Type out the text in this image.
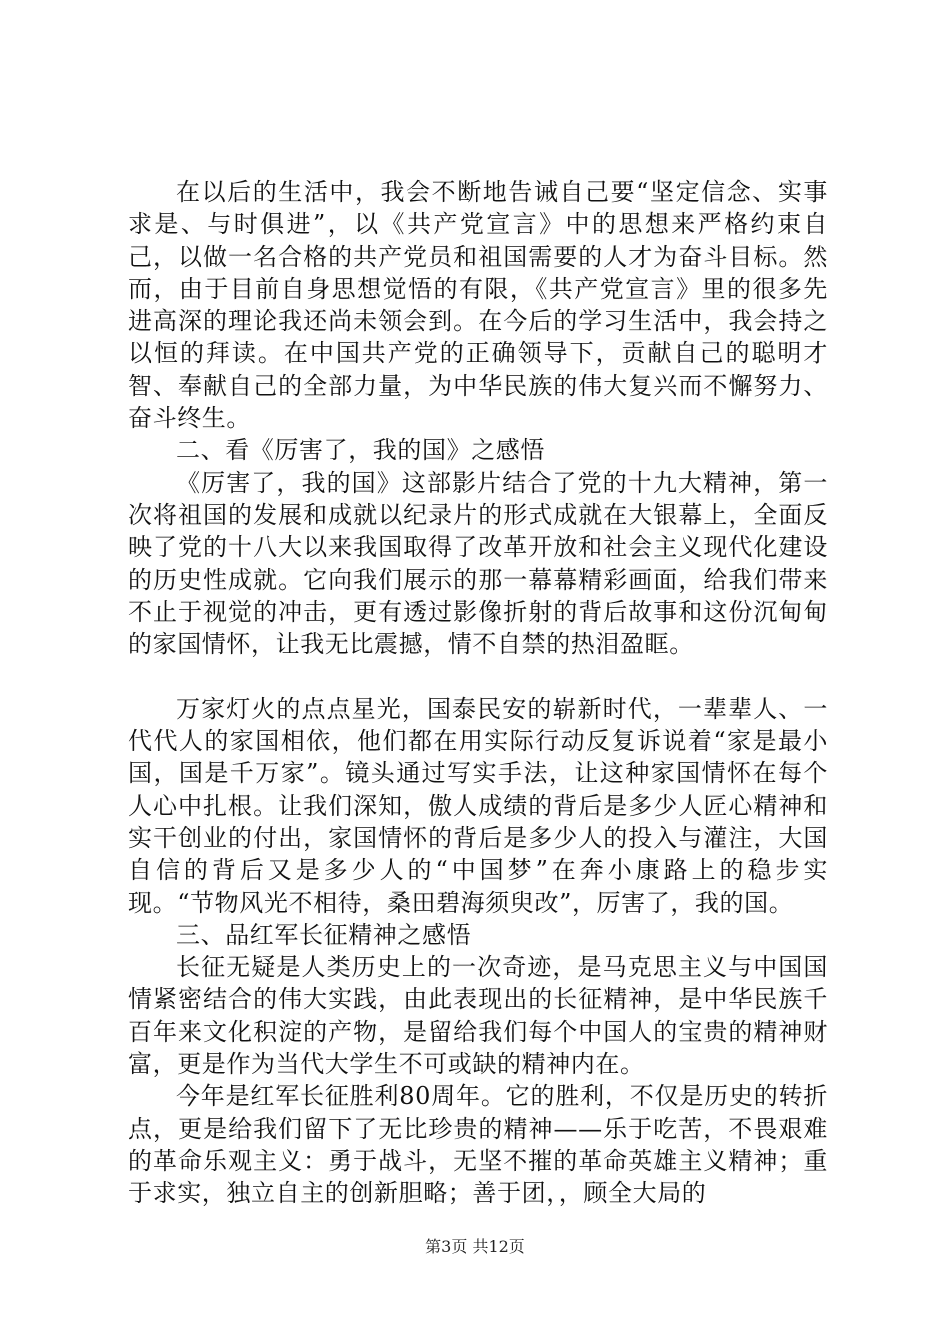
在以后的生活中，我会不断地告诫自己要“坚定信念、实事求是、与时俱进”，以《共产党宣言》中的思想来严格约束自己，以做一名合格的共产党员和祖国需要的人才为奋斗目标。然而，由于目前自身思想觉悟的有限，《共产党宣言》里的很多先进高深的理论我还尚未领会到。在今后的学习生活中，我会持之以恒的拜读。在中国共产党的正确领导下，贡献自己的聪明才智、奉献自己的全部力量，为中华民族的伟大复兴而不懈努力、奋斗终生。

二、看《厉害了，我的国》之感悟

《厉害了，我的国》这部影片结合了党的十九大精神，第一次将祖国的发展和成就以纪录片的形式成就在大银幕上，全面反映了党的十八大以来我国取得了改革开放和社会主义现代化建设的历史性成就。它向我们展示的那一幕幕精彩画面，给我们带来不止于视觉的冲击，更有透过影像折射的背后故事和这份沉甸甸的家国情怀，让我无比震撼，情不自禁的热泪盈眶。

万家灯火的点点星光，国泰民安的崭新时代，一辈辈人、一代代人的家国相依，他们都在用实际行动反复诉说着“家是最小国，国是千万家”。镜头通过写实手法，让这种家国情怀在每个人心中扎根。让我们深知，傲人成绩的背后是多少人匠心精神和实干创业的付出，家国情怀的背后是多少人的投入与灌注，大国自信的背后又是多少人的“中国梦”在奔小康路上的稳步实现。“节物风光不相待，桑田碧海须臾改”，厉害了，我的国。

三、品红军长征精神之感悟

长征无疑是人类历史上的一次奇迹，是马克思主义与中国国情紧密结合的伟大实践，由此表现出的长征精神，是中华民族千百年来文化积淀的产物，是留给我们每个中国人的宝贵的精神财富，更是作为当代大学生不可或缺的精神内在。

今年是红军长征胜利80周年。它的胜利，不仅是历史的转折点，更是给我们留下了无比珍贵的精神——乐于吃苦，不畏艰难的革命乐观主义：勇于战斗，无坚不摧的革命英雄主义精神；重于求实，独立自主的创新胆略；善于团，，顾全大局的

第3页 共12页
